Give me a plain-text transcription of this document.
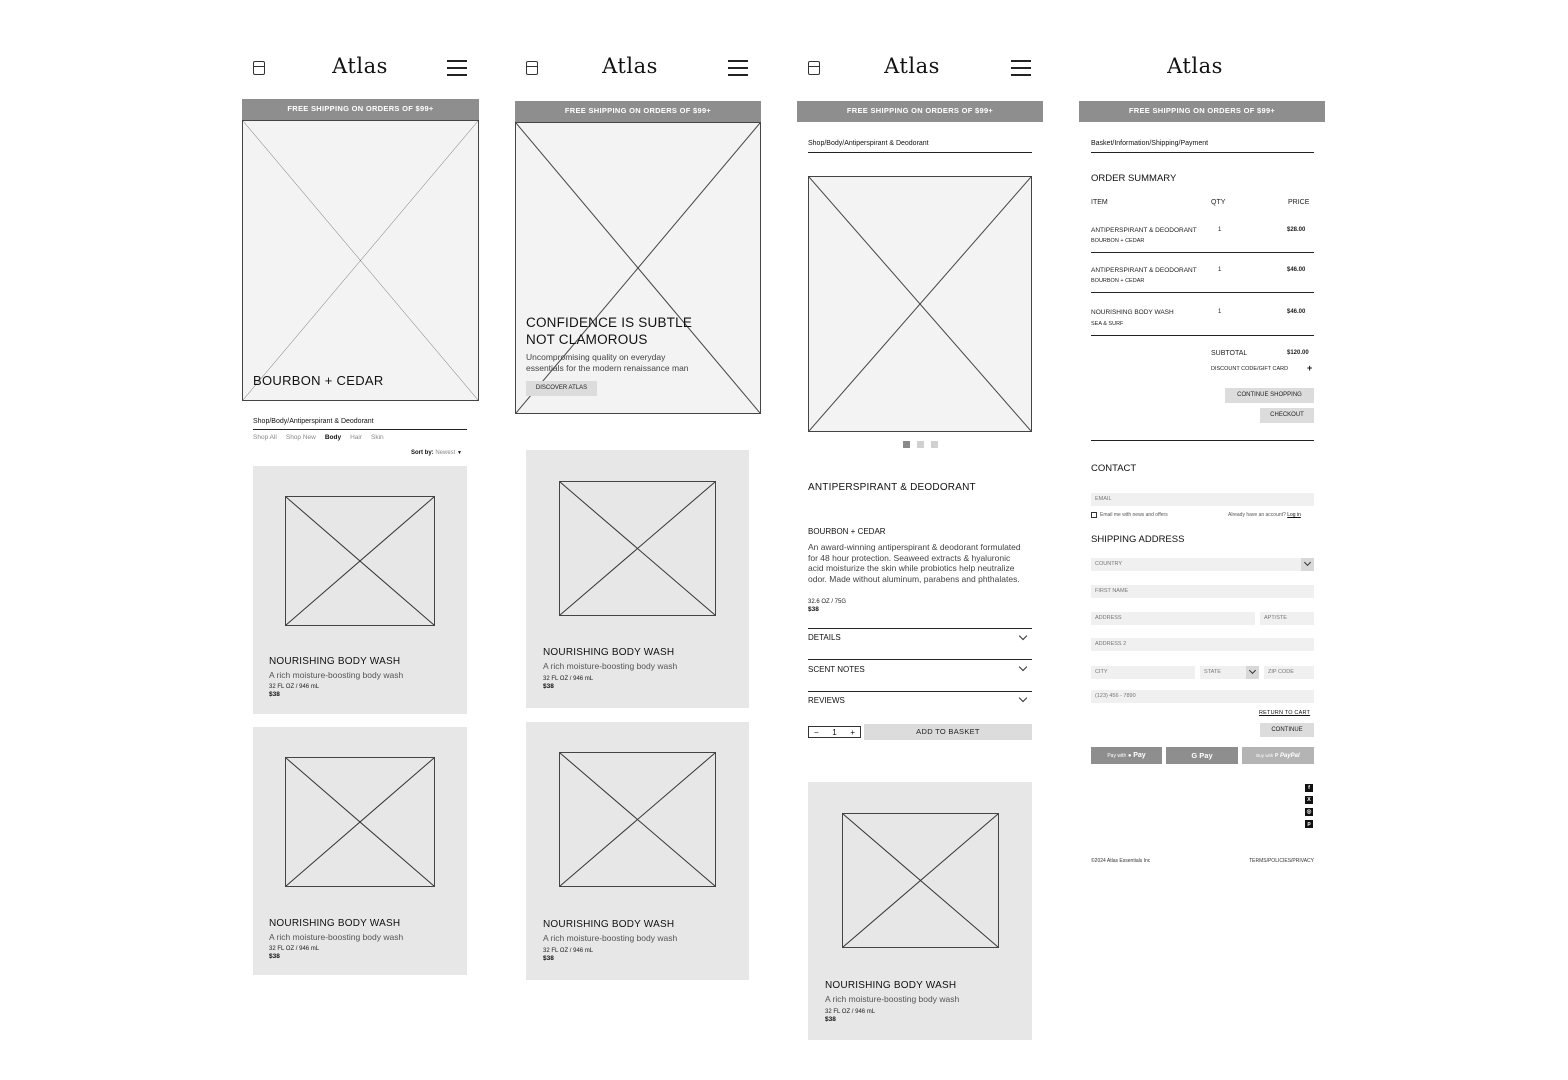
Atlas
FREE SHIPPING ON ORDERS OF $99+
BOURBON + CEDAR
Shop/Body/Antiperspirant & Deodorant
Shop All Shop New Body Hair Skin
Sort by: Newest ▼
NOURISHING BODY WASH
A rich moisture-boosting body wash
32 FL OZ / 946 mL
$38
NOURISHING BODY WASH
A rich moisture-boosting body wash
32 FL OZ / 946 mL
$38
Atlas
FREE SHIPPING ON ORDERS OF $99+
CONFIDENCE IS SUBTLE
NOT CLAMOROUS
Uncompromising quality on everyday
essentials for the modern renaissance man
DISCOVER ATLAS
NOURISHING BODY WASH
A rich moisture-boosting body wash
32 FL OZ / 946 mL
$38
NOURISHING BODY WASH
A rich moisture-boosting body wash
32 FL OZ / 946 mL
$38
Atlas
FREE SHIPPING ON ORDERS OF $99+
Shop/Body/Antiperspirant & Deodorant
ANTIPERSPIRANT & DEODORANT
BOURBON + CEDAR
An award-winning antiperspirant & deodorant formulated
for 48 hour protection. Seaweed extracts & hyaluronic
acid moisturize the skin while probiotics help neutralize
odor. Made without aluminum, parabens and phthalates.
32.6 OZ / 75G
$38
DETAILS
SCENT NOTES
REVIEWS
− 1 +	ADD TO BASKET
NOURISHING BODY WASH
A rich moisture-boosting body wash
32 FL OZ / 946 mL
$38
Atlas
FREE SHIPPING ON ORDERS OF $99+
Basket/Information/Shipping/Payment
ORDER SUMMARY
ITEM	QTY	PRICE
ANTIPERSPIRANT & DEODORANT
BOURBON + CEDAR
1	$28.00
ANTIPERSPIRANT & DEODORANT
BOURBON + CEDAR
1	$46.00
NOURISHING BODY WASH
SEA & SURF
1	$46.00
SUBTOTAL	$120.00
DISCOUNT CODE/GIFT CARD +
CONTINUE SHOPPING
CHECKOUT
CONTACT
EMAIL
Email me with news and offers	Already have an account? Log in
SHIPPING ADDRESS
COUNTRY
FIRST NAME
ADDRESS	APT/STE
ADDRESS 2
CITY	STATE	ZIP CODE
(123) 456 - 7890
RETURN TO CART
CONTINUE
Pay with ● Pay	G Pay	Buy with P PayPal
f
X
◎
p
©2024 Atlas Essentials Inc	TERMS/POLICIES/PRIVACY
